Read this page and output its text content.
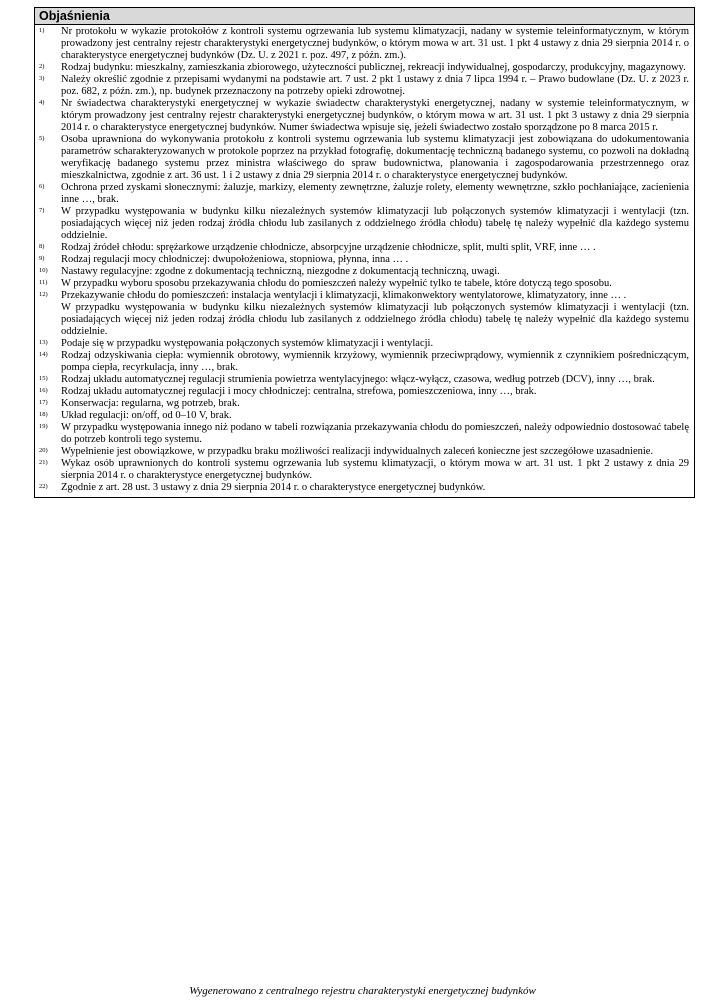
Objaśnienia
1)	Nr protokołu w wykazie protokołów z kontroli systemu ogrzewania lub systemu klimatyzacji, nadany w systemie teleinformatycznym, w którym prowadzony jest centralny rejestr charakterystyki energetycznej budynków, o którym mowa w art. 31 ust. 1 pkt 4 ustawy z dnia 29 sierpnia 2014 r. o charakterystyce energetycznej budynków (Dz. U. z 2021 r. poz. 497, z późn. zm.).

2)	Rodzaj budynku: mieszkalny, zamieszkania zbiorowego, użyteczności publicznej, rekreacji indywidualnej, gospodarczy, produkcyjny, magazynowy.

3)	Należy określić zgodnie z przepisami wydanymi na podstawie art. 7 ust. 2 pkt 1 ustawy z dnia 7 lipca 1994 r. – Prawo budowlane (Dz. U. z 2023 r. poz. 682, z późn. zm.), np. budynek przeznaczony na potrzeby opieki zdrowotnej.

4)	Nr świadectwa charakterystyki energetycznej w wykazie świadectw charakterystyki energetycznej, nadany w systemie teleinformatycznym, w którym prowadzony jest centralny rejestr charakterystyki energetycznej budynków, o którym mowa w art. 31 ust. 1 pkt 3 ustawy z dnia 29 sierpnia 2014 r. o charakterystyce energetycznej budynków. Numer świadectwa wpisuje się, jeżeli świadectwo zostało sporządzone po 8 marca 2015 r.

5)	Osoba uprawniona do wykonywania protokołu z kontroli systemu ogrzewania lub systemu klimatyzacji jest zobowiązana do udokumentowania parametrów scharakteryzowanych w protokole poprzez na przykład fotografię, dokumentację techniczną badanego systemu, co pozwoli na dokładną weryfikację badanego systemu przez ministra właściwego do spraw budownictwa, planowania i zagospodarowania przestrzennego oraz mieszkalnictwa, zgodnie z art. 36 ust. 1 i 2 ustawy z dnia 29 sierpnia 2014 r. o charakterystyce energetycznej budynków.

6)	Ochrona przed zyskami słonecznymi: żaluzje, markizy, elementy zewnętrzne, żaluzje rolety, elementy wewnętrzne, szkło pochłaniające, zacienienia inne …, brak.

7)	W przypadku występowania w budynku kilku niezależnych systemów klimatyzacji lub połączonych systemów klimatyzacji i wentylacji (tzn. posiadających więcej niż jeden rodzaj źródła chłodu lub zasilanych z oddzielnego źródła chłodu) tabelę tę należy wypełnić dla każdego systemu oddzielnie.

8)	Rodzaj źródeł chłodu: sprężarkowe urządzenie chłodnicze, absorpcyjne urządzenie chłodnicze, split, multi split, VRF, inne … .

9)	Rodzaj regulacji mocy chłodniczej: dwupołożeniowa, stopniowa, płynna, inna … .

10)	Nastawy regulacyjne: zgodne z dokumentacją techniczną, niezgodne z dokumentacją techniczną, uwagi.

11)	W przypadku wyboru sposobu przekazywania chłodu do pomieszczeń należy wypełnić tylko te tabele, które dotyczą tego sposobu.

12)	Przekazywanie chłodu do pomieszczeń: instalacja wentylacji i klimatyzacji, klimakonwektory wentylatorowe, klimatyzatory, inne … .

W przypadku występowania w budynku kilku niezależnych systemów klimatyzacji lub połączonych systemów klimatyzacji i wentylacji (tzn. posiadających więcej niż jeden rodzaj źródła chłodu lub zasilanych z oddzielnego źródła chłodu) tabelę tę należy wypełnić dla każdego systemu oddzielnie.

13)	Podaje się w przypadku występowania połączonych systemów klimatyzacji i wentylacji.

14)	Rodzaj odzyskiwania ciepła: wymiennik obrotowy, wymiennik krzyżowy, wymiennik przeciwprądowy, wymiennik z czynnikiem pośredniczącym, pompa ciepła, recyrkulacja, inny …, brak.

15)	Rodzaj układu automatycznej regulacji strumienia powietrza wentylacyjnego: włącz-wyłącz, czasowa, według potrzeb (DCV), inny …, brak.

16)	Rodzaj układu automatycznej regulacji i mocy chłodniczej: centralna, strefowa, pomieszczeniowa, inny …, brak.

17)	Konserwacja: regularna, wg potrzeb, brak.

18)	Układ regulacji: on/off, od 0–10 V, brak.

19)	W przypadku występowania innego niż podano w tabeli rozwiązania przekazywania chłodu do pomieszczeń, należy odpowiednio dostosować tabelę do potrzeb kontroli tego systemu.

20)	Wypełnienie jest obowiązkowe, w przypadku braku możliwości realizacji indywidualnych zaleceń konieczne jest szczegółowe uzasadnienie.

21)	Wykaz osób uprawnionych do kontroli systemu ogrzewania lub systemu klimatyzacji, o którym mowa w art. 31 ust. 1 pkt 2 ustawy z dnia 29 sierpnia 2014 r. o charakterystyce energetycznej budynków.

22)	Zgodnie z art. 28 ust. 3 ustawy z dnia 29 sierpnia 2014 r. o charakterystyce energetycznej budynków.

Wygenerowano z centralnego rejestru charakterystyki energetycznej budynków
